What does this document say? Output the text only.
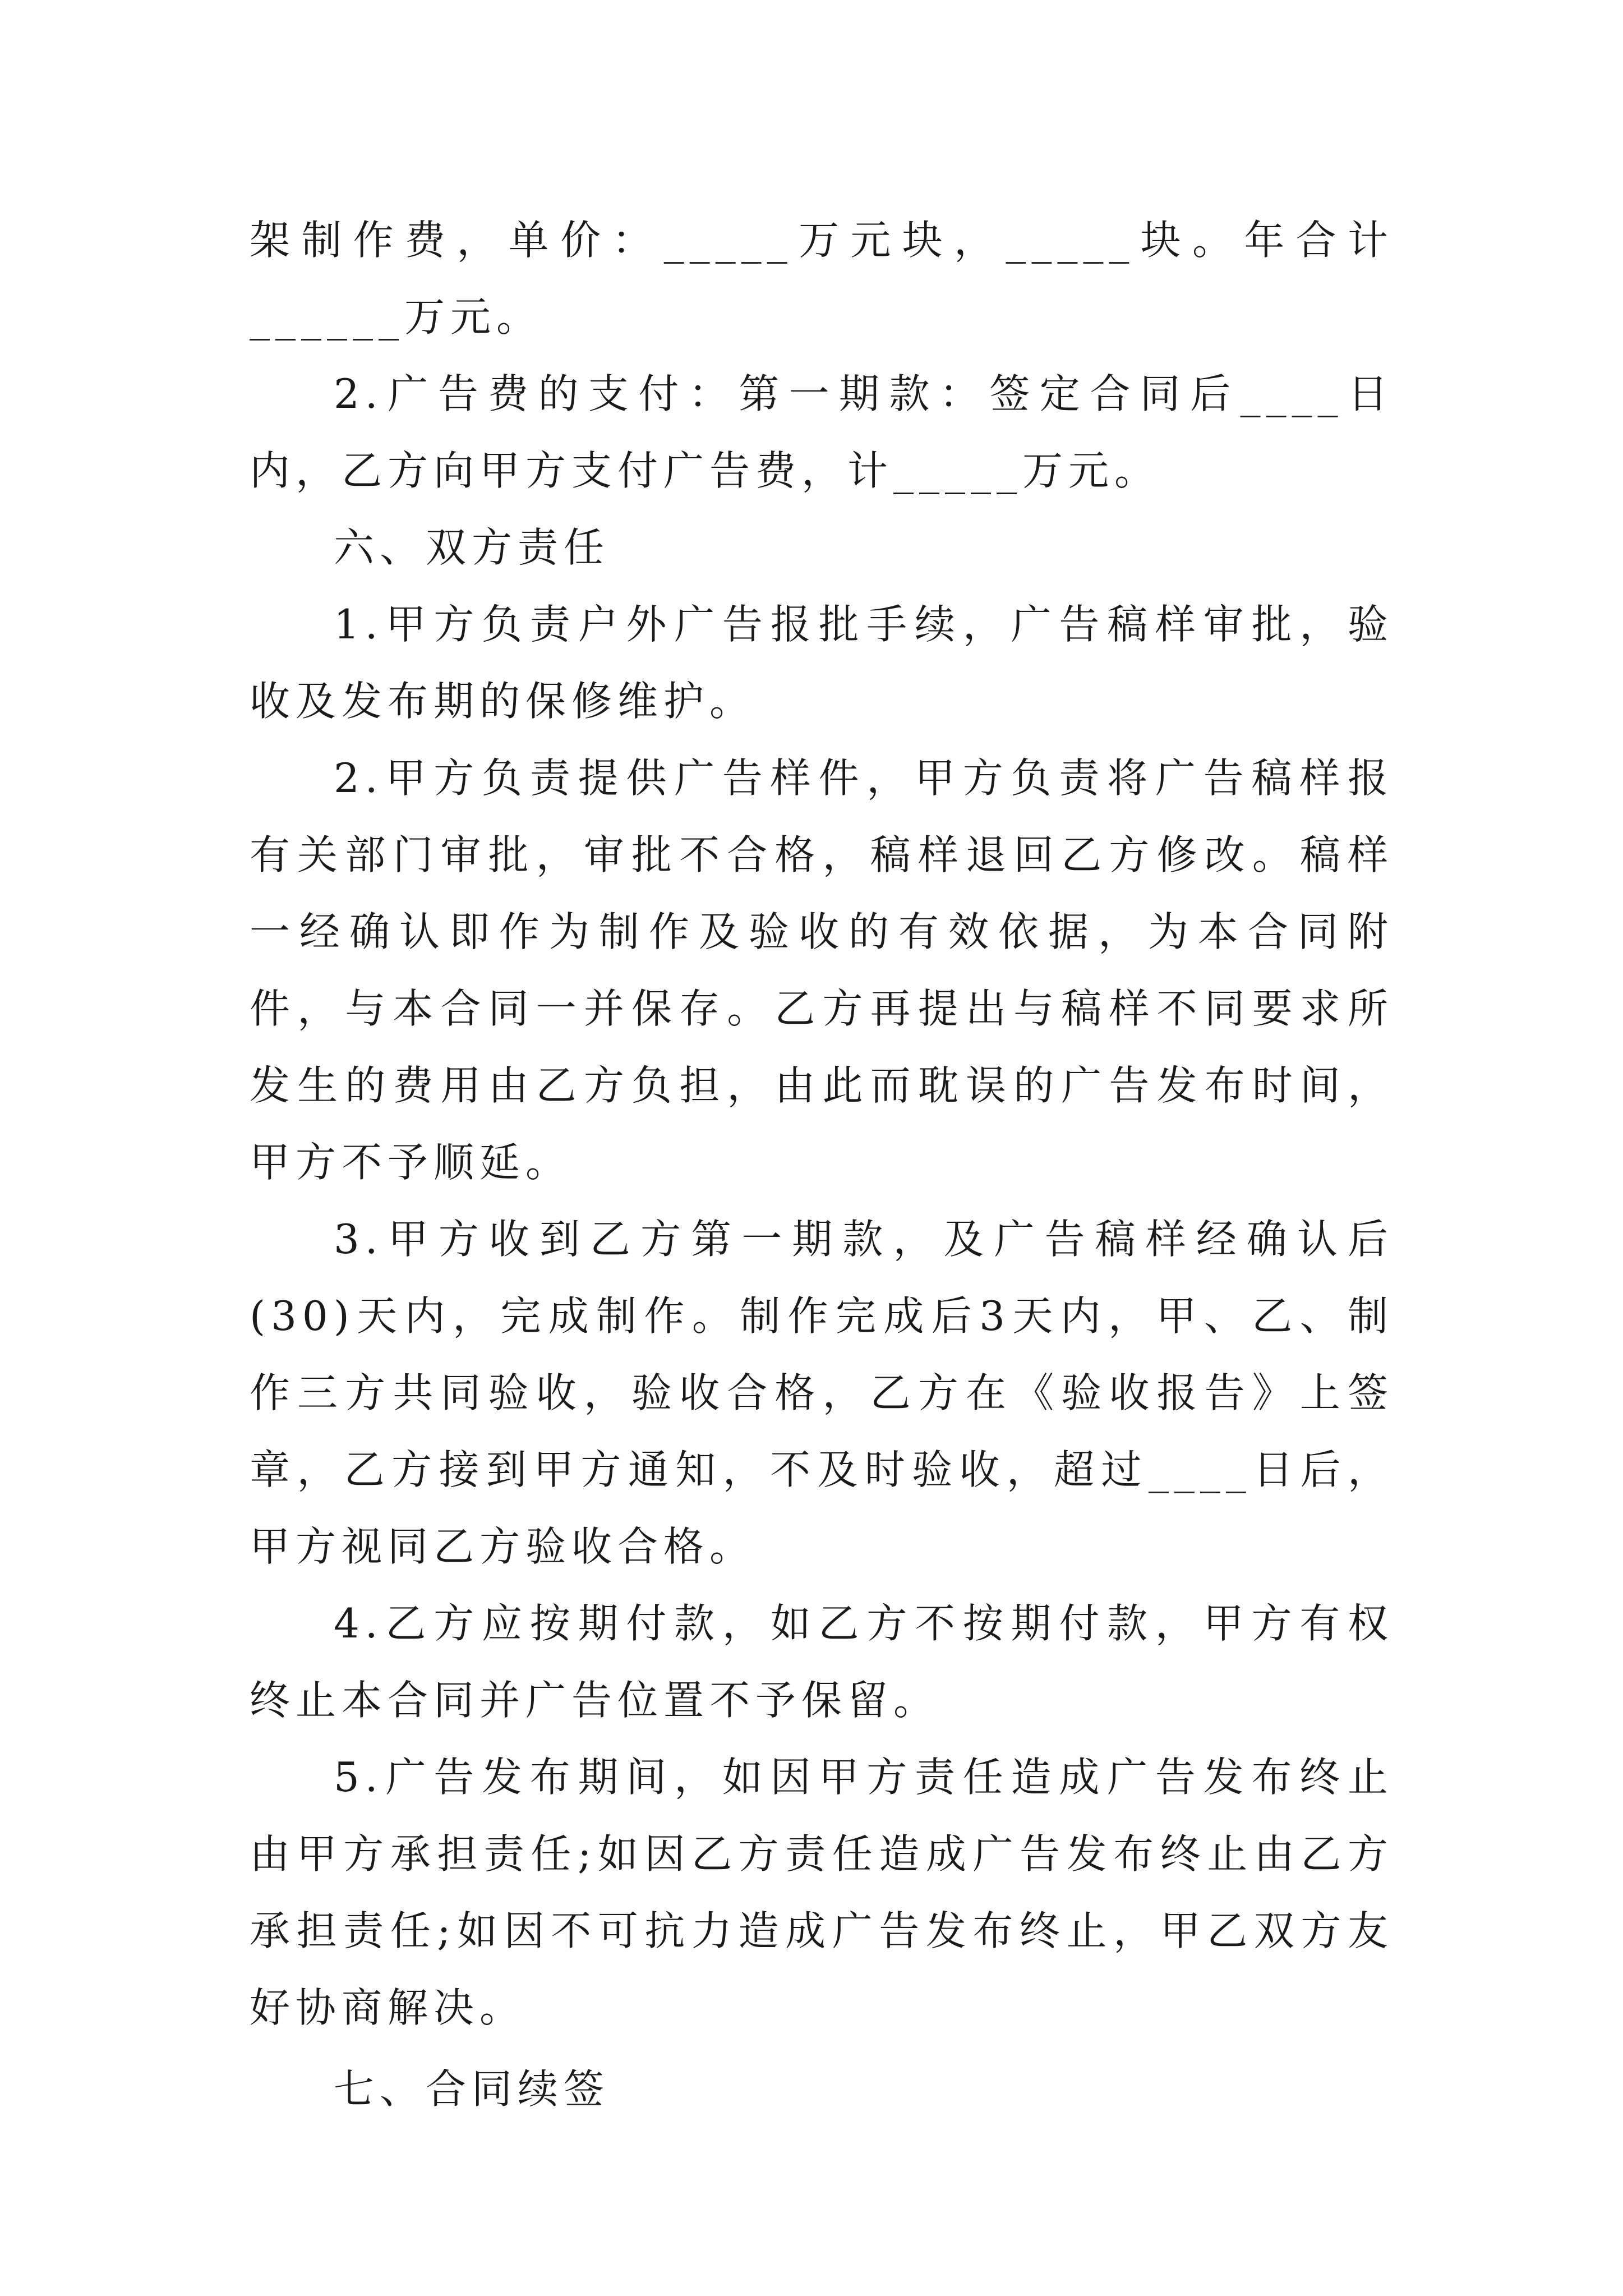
架制作费，单价：_____万元块，_____块。年合计______万元。

2.广告费的支付：第一期款：签定合同后____日内，乙方向甲方支付广告费，计_____万元。

六、双方责任

1.甲方负责户外广告报批手续，广告稿样审批，验收及发布期的保修维护。

2.甲方负责提供广告样件，甲方负责将广告稿样报有关部门审批，审批不合格，稿样退回乙方修改。稿样一经确认即作为制作及验收的有效依据，为本合同附件，与本合同一并保存。乙方再提出与稿样不同要求所发生的费用由乙方负担，由此而耽误的广告发布时间，甲方不予顺延。

3.甲方收到乙方第一期款，及广告稿样经确认后(30)天内，完成制作。制作完成后3天内，甲、乙、制作三方共同验收，验收合格，乙方在《验收报告》上签章，乙方接到甲方通知，不及时验收，超过____日后，甲方视同乙方验收合格。

4.乙方应按期付款，如乙方不按期付款，甲方有权终止本合同并广告位置不予保留。

5.广告发布期间，如因甲方责任造成广告发布终止由甲方承担责任;如因乙方责任造成广告发布终止由乙方承担责任;如因不可抗力造成广告发布终止，甲乙双方友好协商解决。

七、合同续签
